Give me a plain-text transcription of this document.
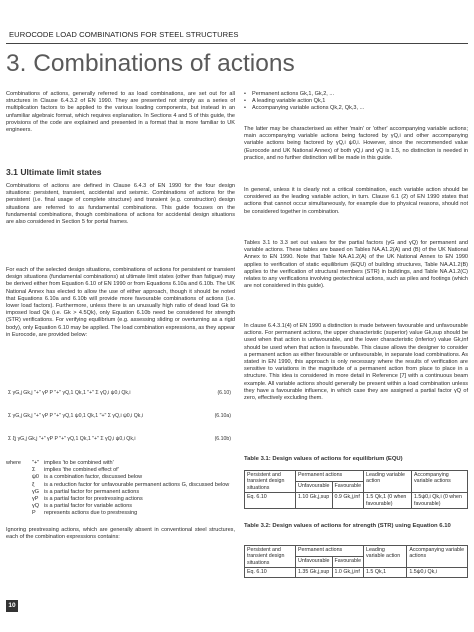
EUROCODE LOAD COMBINATIONS FOR STEEL STRUCTURES
3. Combinations of actions

Combinations of actions, generally referred to as load combinations, are set out for all structures in Clause 6.4.3.2 of EN 1990. They are presented not simply as a series of multiplication factors to be applied to the various loading components, but instead in an unfamiliar algebraic format, which requires explanation. In Sections 4 and 5 of this guide, the provisions of the code are explained and presented in a format that is more familiar to UK engineers.

3.1 Ultimate limit states

Combinations of actions are defined in Clause 6.4.3 of EN 1990 for the four design situations: persistent, transient, accidental and seismic. Combinations of actions for the persistent (i.e. final usage of complete structure) and transient (e.g. construction) design situations are referred to as fundamental combinations. This guide focuses on the fundamental combinations, though combinations of actions for accidental design situations are also considered in Section 5 for portal frames.

For each of the selected design situations, combinations of actions for persistent or transient design situations (fundamental combinations) at ultimate limit states (other than fatigue) may be derived either from Equation 6.10 of EN 1990 or from Equations 6.10a and 6.10b. The UK National Annex has elected to allow the use of either approach, though it should be noted that Equations 6.10a and 6.10b will provide more favourable combinations of actions (i.e. lower load factors). Furthermore, unless there is an unusually high ratio of dead load Gk to imposed load Qk (i.e. Gk > 4.5Qk), only Equation 6.10b need be considered for strength (STR) verifications. For verifying equilibrium (e.g. assessing sliding or overturning as a rigid body), only Equation 6.10 may be applied. The load combination expressions, as they appear in Eurocode, are provided below:

Σ γG,j Gk,j "+" γP P "+" γQ,1 Qk,1 "+" Σ γQ,i ψ0,i Qk,i	(6.10)
Σ γG,j Gk,j "+" γP P "+" γQ,1 ψ0,1 Qk,1 "+" Σ γQ,i ψ0,i Qk,i	(6.10a)
Σ ξj γG,j Gk,j "+" γP P "+" γQ,1 Qk,1 "+" Σ γQ,i ψ0,i Qk,i	(6.10b)
where	"+" implies 'to be combined with'
Σ	implies 'the combined effect of'
ψ0 is a combination factor, discussed below
ξ	is a reduction factor for unfavourable permanent actions G, discussed below
γG is a partial factor for permanent actions
γP	is a partial factor for prestressing actions
γQ is a partial factor for variable actions
P	represents actions due to prestressing

Ignoring prestressing actions, which are generally absent in conventional steel structures, each of the combination expressions contains:

•	Permanent actions Gk,1, Gk,2, ...
•	A leading variable action Qk,1
•	Accompanying variable actions Qk,2, Qk,3, ...

The latter may be characterised as either 'main' or 'other' accompanying variable actions; main accompanying variable actions being factored by γQ,i and other accompanying variable actions being factored by γQ,i ψ0,i. However, since the recommended value (Eurocode and UK National Annex) of both γQ,i and γQ is 1.5, no distinction is needed in practice, and no further distinction will be made in this guide.

In general, unless it is clearly not a critical combination, each variable action should be considered as the leading variable action, in turn. Clause 6.1 (2) of EN 1990 states that actions that cannot occur simultaneously, for example due to physical reasons, should not be considered together in combination.

Tables 3.1 to 3.3 set out values for the partial factors (γG and γQ) for permanent and variable actions. These tables are based on Tables NA.A1.2(A) and (B) of the UK National Annex to EN 1990. Note that Table NA.A1.2(A) of the UK National Annex to EN 1990 applies to verification of static equilibrium (EQU) of building structures, Table NA.A1.2(B) applies to the verification of structural members (STR) in buildings, and Table NA.A1.2(C) relates to any verifications involving geotechnical actions, such as piles and footings (which are not considered in this guide).

In clause 6.4.3.1(4) of EN 1990 a distinction is made between favourable and unfavourable actions. For permanent actions, the upper characteristic (superior) value Gk,sup should be used when that action is unfavourable, and the lower characteristic (inferior) value Gk,inf should be used when that action is favourable. This clause allows the designer to consider a permanent action as either favourable or unfavourable, in separate load combinations. As stated in EN 1990, this approach is only necessary where the results of verification are sensitive to variations in the magnitude of a permanent action from place to place in a structure. This idea is considered in more detail in Reference [7] with a continuous beam example. All variable actions should generally be present within a load combination unless they have a favourable influence, in which case they are assigned a partial factor γQ of zero, effectively excluding them.

Table 3.1: Design values of actions for equilibrium (EQU)
Persistent and transient design situations	Permanent actions		Leading variable action	Accompanying variable actions
	Unfavourable	Favourable		
Eq. 6.10	1.10 Gk,j,sup	0.9 Gk,j,inf	1.5 Qk,1 (0 when favourable)	1.5ψ0,i Qk,i (0 when favourable)
Table 3.2: Design values of actions for strength (STR) using Equation 6.10
Persistent and transient design situations	Permanent actions		Leading variable action	Accompanying variable actions
	Unfavourable	Favourable		
Eq. 6.10	1.35 Gk,j,sup	1.0 Gk,j,inf	1.5 Qk,1	1.5ψ0,i Qk,i
10
